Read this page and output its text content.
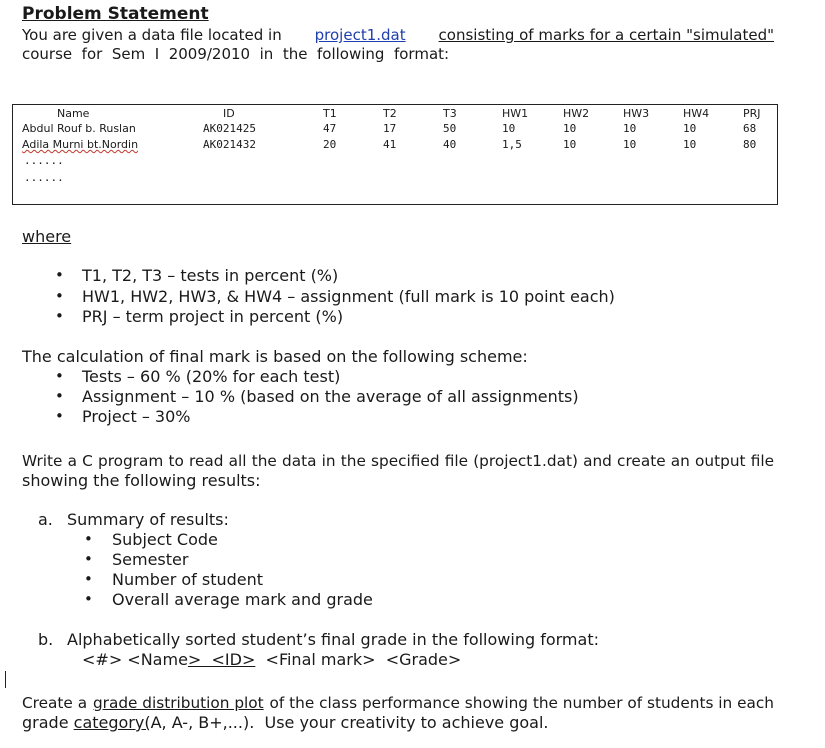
Problem Statement
You are given a data file located in project1.dat consisting of marks for a certain "simulated"
course  for  Sem  I  2009/2010  in  the  following  format:
Name	ID	T1	T2	T3	HW1	HW2	HW3	HW4	PRJ
Abdul Rouf b. Ruslan	AK021425	47	17	50	10	10	10	10	68
Adila Murni bt.Nordin	AK021432	20	41	40	1,5	10	10	10	80
......
......
where
• T1, T2, T3 – tests in percent (%)
• HW1, HW2, HW3, & HW4 – assignment (full mark is 10 point each)
• PRJ – term project in percent (%)
The calculation of final mark is based on the following scheme:
• Tests – 60 % (20% for each test)
• Assignment – 10 % (based on the average of all assignments)
• Project – 30%
Write a C program to read all the data in the specified file (project1.dat) and create an output file
showing the following results:
a. Summary of results:
• Subject Code
• Semester
• Number of student
• Overall average mark and grade
b. Alphabetically sorted student’s final grade in the following format:
<#> <Name>  <ID>  <Final mark>  <Grade>
Create a grade distribution plot of the class performance showing the number of students in each
grade category(A, A-, B+,...).  Use your creativity to achieve goal.
